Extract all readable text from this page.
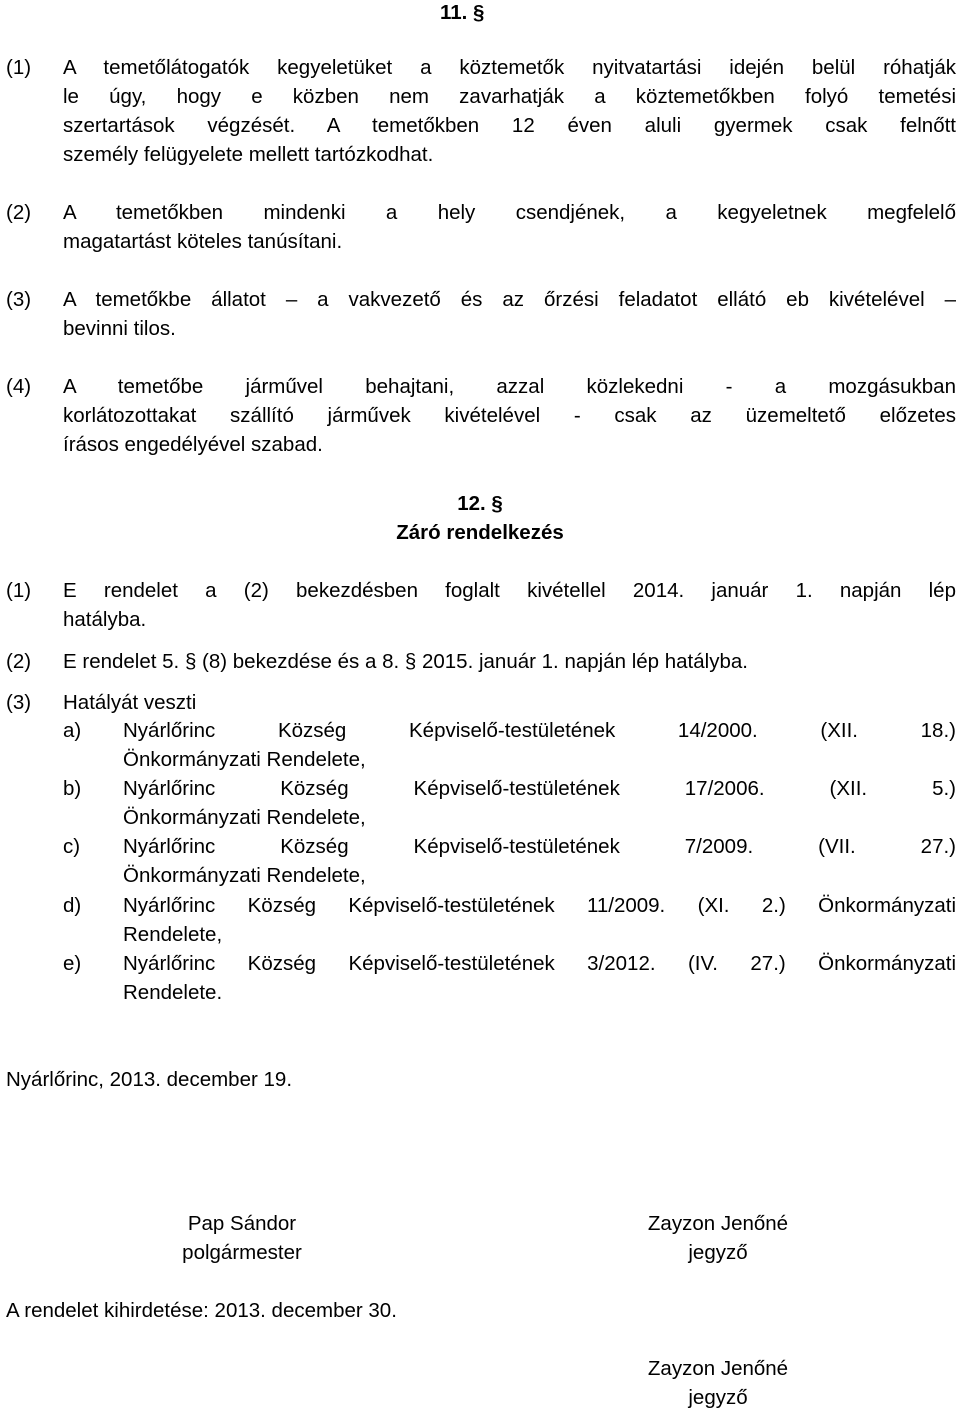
11. §
(1) A temetőlátogatók kegyeletüket a köztemetők nyitvatartási idején belül róhatják
le úgy, hogy e közben nem zavarhatják a köztemetőkben folyó temetési
szertartások végzését. A temetőkben 12 éven aluli gyermek csak felnőtt
személy felügyelete mellett tartózkodhat.
(2) A temetőkben mindenki a hely csendjének, a kegyeletnek megfelelő
magatartást köteles tanúsítani.
(3) A temetőkbe állatot – a vakvezető és az őrzési feladatot ellátó eb kivételével –
bevinni tilos.
(4) A temetőbe járművel behajtani, azzal közlekedni - a mozgásukban
korlátozottakat szállító járművek kivételével - csak az üzemeltető előzetes
írásos engedélyével szabad.
12. §
Záró rendelkezés
(1) E rendelet a (2) bekezdésben foglalt kivétellel 2014. január 1. napján lép
hatályba.
(2) E rendelet 5. § (8) bekezdése és a 8. § 2015. január 1. napján lép hatályba.
(3) Hatályát veszti
a) Nyárlőrinc Község Képviselő-testületének 14/2000. (XII. 18.)
Önkormányzati Rendelete,
b) Nyárlőrinc Község Képviselő-testületének 17/2006. (XII. 5.)
Önkormányzati Rendelete,
c) Nyárlőrinc Község Képviselő-testületének 7/2009. (VII. 27.)
Önkormányzati Rendelete,
d) Nyárlőrinc Község Képviselő-testületének 11/2009. (XI. 2.) Önkormányzati
Rendelete,
e) Nyárlőrinc Község Képviselő-testületének 3/2012. (IV. 27.) Önkormányzati
Rendelete.
Nyárlőrinc, 2013. december 19.
Pap Sándor
polgármester
Zayzon Jenőné
jegyző
A rendelet kihirdetése: 2013. december 30.
Zayzon Jenőné
jegyző
